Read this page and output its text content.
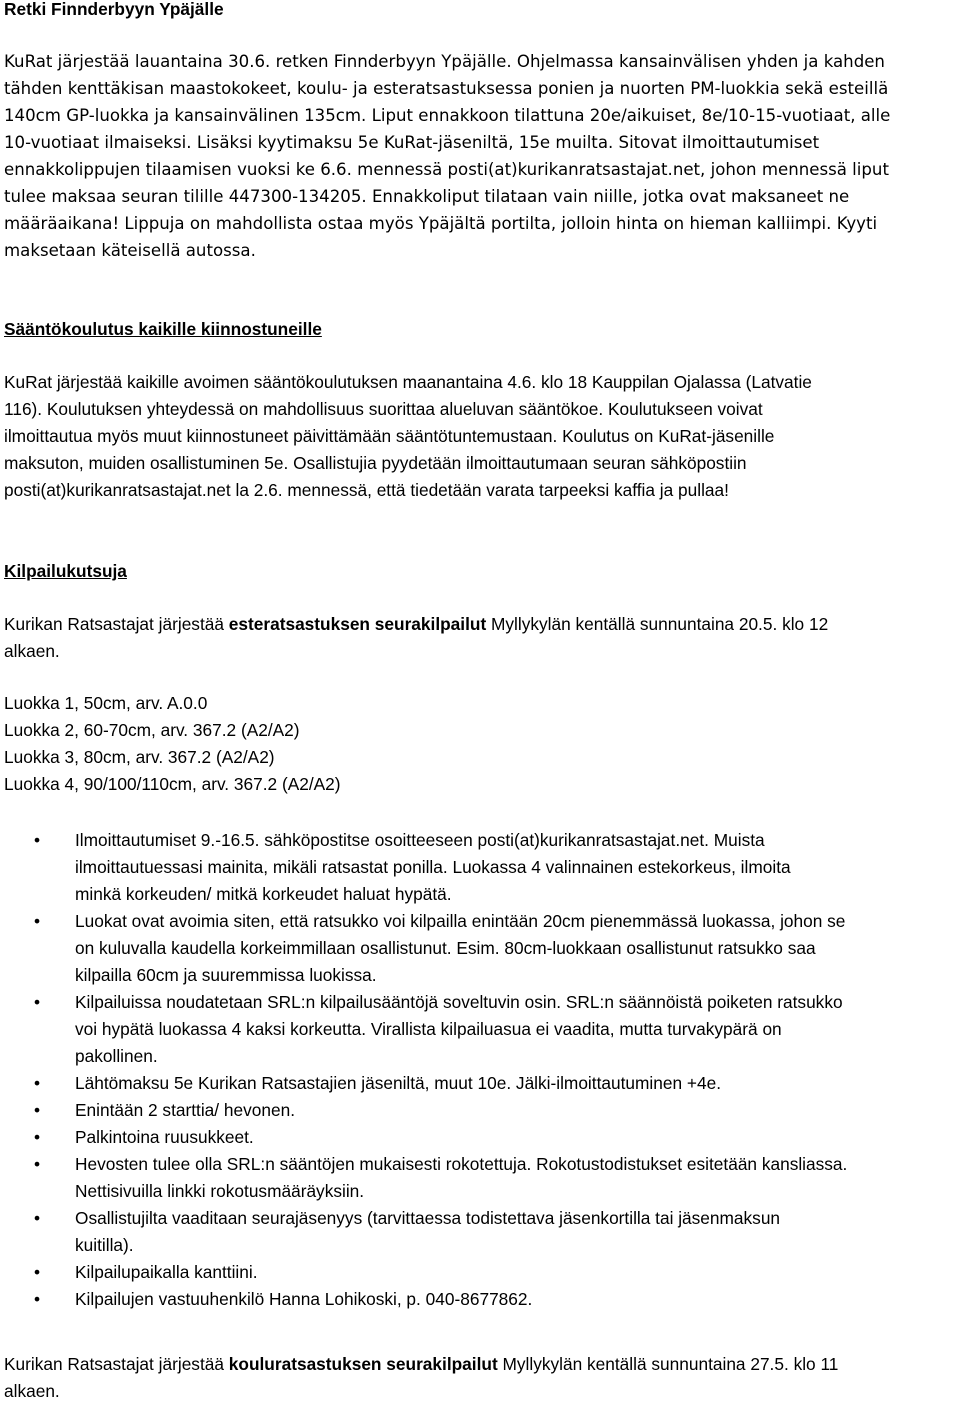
Retki Finnderbyyn Ypäjälle
KuRat järjestää lauantaina 30.6. retken Finnderbyyn Ypäjälle. Ohjelmassa kansainvälisen yhden ja kahden
tähden kenttäkisan maastokokeet, koulu- ja esteratsastuksessa ponien ja nuorten PM-luokkia sekä esteillä
140cm GP-luokka ja kansainvälinen 135cm. Liput ennakkoon tilattuna 20e/aikuiset, 8e/10-15-vuotiaat, alle
10-vuotiaat ilmaiseksi. Lisäksi kyytimaksu 5e KuRat-jäseniltä, 15e muilta. Sitovat ilmoittautumiset
ennakkolippujen tilaamisen vuoksi ke 6.6. mennessä posti(at)kurikanratsastajat.net, johon mennessä liput
tulee maksaa seuran tilille 447300-134205. Ennakkoliput tilataan vain niille, jotka ovat maksaneet ne
määräaikana! Lippuja on mahdollista ostaa myös Ypäjältä portilta, jolloin hinta on hieman kalliimpi. Kyyti
maksetaan käteisellä autossa.
Sääntökoulutus kaikille kiinnostuneille
KuRat järjestää kaikille avoimen sääntökoulutuksen maanantaina 4.6. klo 18 Kauppilan Ojalassa (Latvatie
116). Koulutuksen yhteydessä on mahdollisuus suorittaa alueluvan sääntökoe. Koulutukseen voivat
ilmoittautua myös muut kiinnostuneet päivittämään sääntötuntemustaan. Koulutus on KuRat-jäsenille
maksuton, muiden osallistuminen 5e. Osallistujia pyydetään ilmoittautumaan seuran sähköpostiin
posti(at)kurikanratsastajat.net la 2.6. mennessä, että tiedetään varata tarpeeksi kaffia ja pullaa!
Kilpailukutsuja
Kurikan Ratsastajat järjestää esteratsastuksen seurakilpailut Myllykylän kentällä sunnuntaina 20.5. klo 12
alkaen.
Luokka 1, 50cm, arv. A.0.0
Luokka 2, 60-70cm, arv. 367.2 (A2/A2)
Luokka 3, 80cm, arv. 367.2 (A2/A2)
Luokka 4, 90/100/110cm, arv. 367.2 (A2/A2)
• Ilmoittautumiset 9.-16.5. sähköpostitse osoitteeseen posti(at)kurikanratsastajat.net. Muista
ilmoittautuessasi mainita, mikäli ratsastat ponilla. Luokassa 4 valinnainen estekorkeus, ilmoita
minkä korkeuden/ mitkä korkeudet haluat hypätä.
• Luokat ovat avoimia siten, että ratsukko voi kilpailla enintään 20cm pienemmässä luokassa, johon se
on kuluvalla kaudella korkeimmillaan osallistunut. Esim. 80cm-luokkaan osallistunut ratsukko saa
kilpailla 60cm ja suuremmissa luokissa.
• Kilpailuissa noudatetaan SRL:n kilpailusääntöjä soveltuvin osin. SRL:n säännöistä poiketen ratsukko
voi hypätä luokassa 4 kaksi korkeutta. Virallista kilpailuasua ei vaadita, mutta turvakypärä on
pakollinen.
• Lähtömaksu 5e Kurikan Ratsastajien jäseniltä, muut 10e. Jälki-ilmoittautuminen +4e.
• Enintään 2 starttia/ hevonen.
• Palkintoina ruusukkeet.
• Hevosten tulee olla SRL:n sääntöjen mukaisesti rokotettuja. Rokotustodistukset esitetään kansliassa.
Nettisivuilla linkki rokotusmääräyksiin.
• Osallistujilta vaaditaan seurajäsenyys (tarvittaessa todistettava jäsenkortilla tai jäsenmaksun
kuitilla).
• Kilpailupaikalla kanttiini.
• Kilpailujen vastuuhenkilö Hanna Lohikoski, p. 040-8677862.
Kurikan Ratsastajat järjestää kouluratsastuksen seurakilpailut Myllykylän kentällä sunnuntaina 27.5. klo 11
alkaen.
